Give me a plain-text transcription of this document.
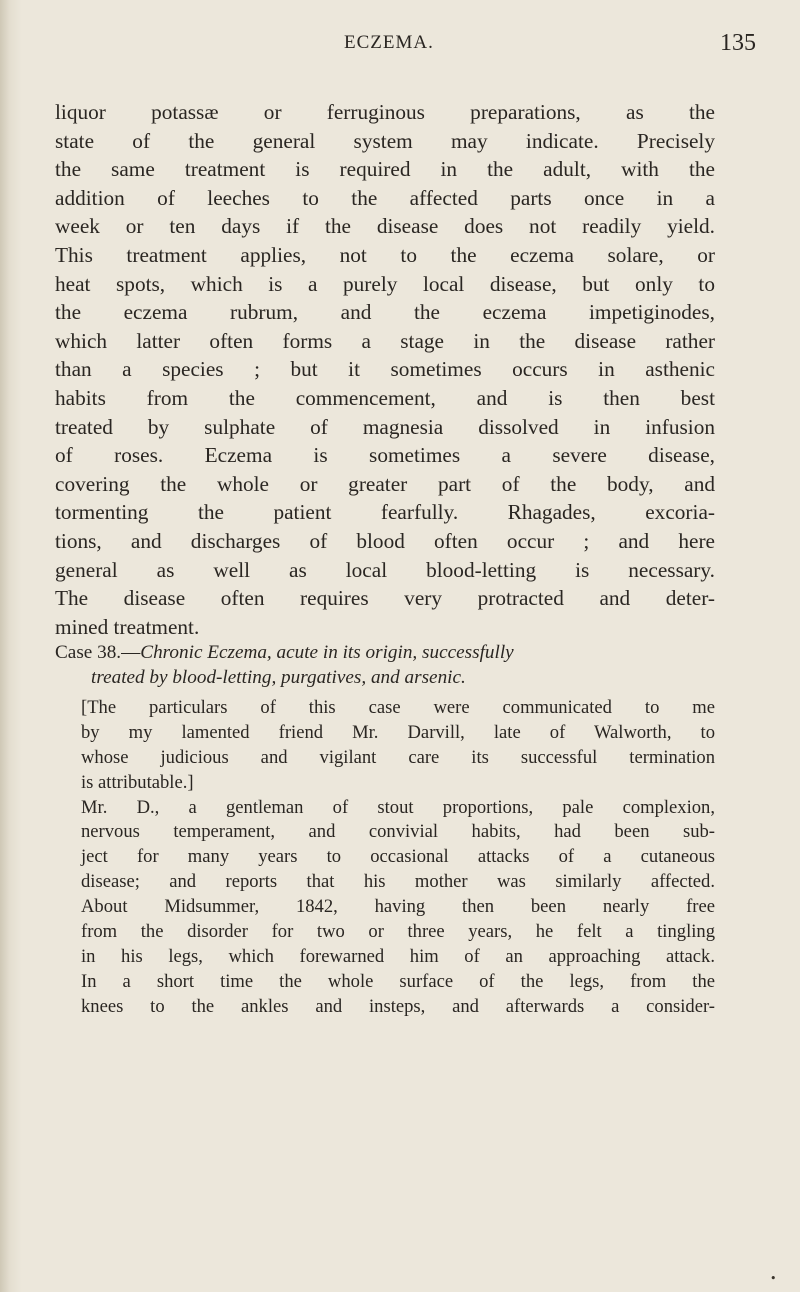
ECZEMA.	135
liquor potassæ or ferruginous preparations, as the
state of the general system may indicate. Precisely
the same treatment is required in the adult, with the
addition of leeches to the affected parts once in a
week or ten days if the disease does not readily yield.
This treatment applies, not to the eczema solare, or
heat spots, which is a purely local disease, but only to
the eczema rubrum, and the eczema impetiginodes,
which latter often forms a stage in the disease rather
than a species ; but it sometimes occurs in asthenic
habits from the commencement, and is then best
treated by sulphate of magnesia dissolved in infusion
of roses. Eczema is sometimes a severe disease,
covering the whole or greater part of the body, and
tormenting the patient fearfully. Rhagades, excoria-
tions, and discharges of blood often occur ; and here
general as well as local blood-letting is necessary.
The disease often requires very protracted and deter-
mined treatment.
Case 38.—Chronic Eczema, acute in its origin, successfully
treated by blood-letting, purgatives, and arsenic.
[The particulars of this case were communicated to me
by my lamented friend Mr. Darvill, late of Walworth, to
whose judicious and vigilant care its successful termination
is attributable.]
Mr. D., a gentleman of stout proportions, pale complexion,
nervous temperament, and convivial habits, had been sub-
ject for many years to occasional attacks of a cutaneous
disease; and reports that his mother was similarly affected.
About Midsummer, 1842, having then been nearly free
from the disorder for two or three years, he felt a tingling
in his legs, which forewarned him of an approaching attack.
In a short time the whole surface of the legs, from the
knees to the ankles and insteps, and afterwards a consider-
•
